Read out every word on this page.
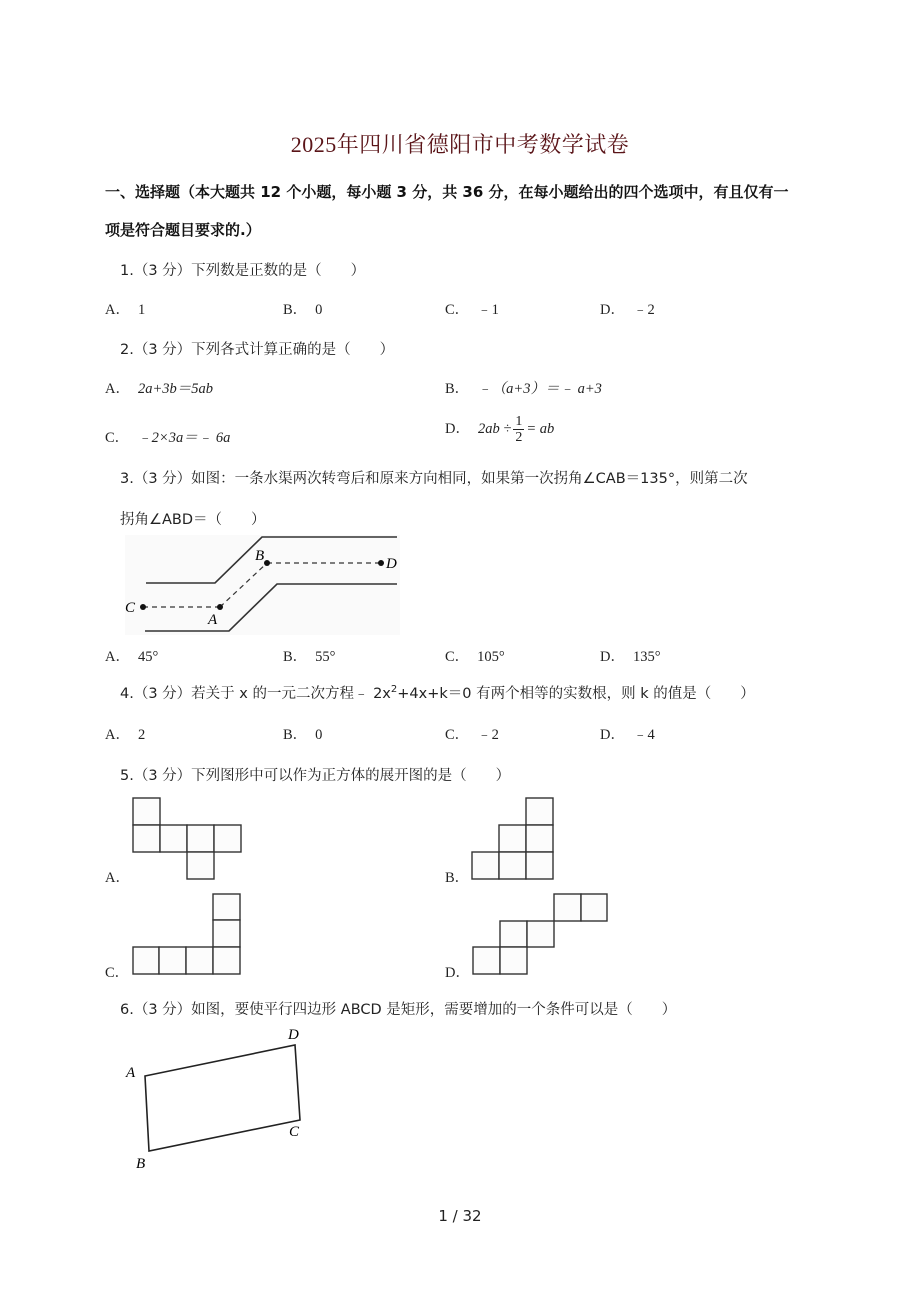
2025年四川省德阳市中考数学试卷
一、选择题（本大题共 12 个小题，每小题 3 分，共 36 分，在每小题给出的四个选项中，有且仅有一
项是符合题目要求的.）
1.（3 分）下列数是正数的是（　　）
A． 1	B． 0	C． ﹣1	D． ﹣2
2.（3 分）下列各式计算正确的是（　　）
A． 2a+3b＝5ab	B． ﹣（a+3）＝﹣ a+3
C． ﹣2×3a＝﹣ 6a
D． $2ab \div \frac{1}{2}$ = ab
3.（3 分）如图：一条水渠两次转弯后和原来方向相同，如果第一次拐角∠CAB＝135°，则第二次
拐角∠ABD＝（　　）
C
A
B	D
A
D
C
B
A． 45°	B． 55°	C． 105°	D． 135°
4.（3 分）若关于 x 的一元二次方程﹣ $2x^2+4x+k=0$ 有两个相等的实数根，则 k 的值是（　　）
A． 2	B． 0	C． ﹣2	D． ﹣4
5.（3 分）下列图形中可以作为正方体的展开图的是（　　）
A．	B．
C．	D．
6.（3 分）如图，要使平行四边形 ABCD 是矩形，需要增加的一个条件可以是（　　）
1 / 32
